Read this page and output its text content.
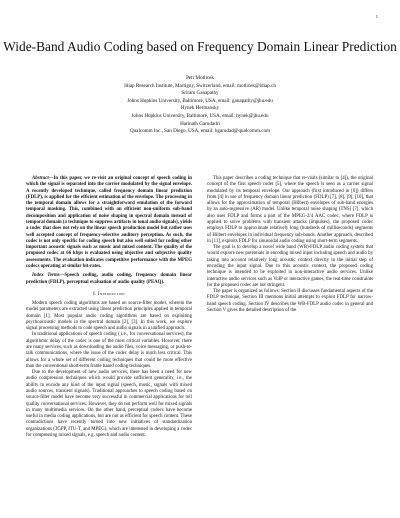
1
Wide-Band Audio Coding based on Frequency Domain Linear Prediction
Petr Motlicek
Idiap Research Institute, Martigny, Switzerland, email: motlicek@idiap.ch
Sriram Ganapathy
Johns Hopkins University, Baltimore, USA, email: ganapathy@jhu.edu
Hynek Hermansky
Johns Hopkins University, Baltimore, USA, email: hynek@jhu.edu
Harinath Garudadri
Qualcomm Inc., San Diego, USA, email: hgarudad@qualcomm.com

Abstract—In this paper, we re-visit an original concept of speech coding in which the signal is separated into the carrier modulated by the signal envelope. A recently developed technique, called frequency domain linear prediction (FDLP), is applied for the efficient estimation of the envelope. The processing in the temporal domain allows for a straightforward emulation of the forward temporal masking. This, combined with an efficient non-uniform sub-band decomposition and application of noise shaping in spectral domain instead of temporal domain (a technique to suppress artifacts in tonal audio signals), yields a codec that does not rely on the linear speech production model but rather uses well accepted concept of frequency-selective auditory perception. As such, the codec is not only specific for coding speech but also well suited for coding other important acoustic signals such as music and mixed content. The quality of the proposed codec at 66 kbps is evaluated using objective and subjective quality assessments. The evaluation indicates competitive performance with the MPEG codecs operating at similar bit-rates.

Index Terms—Speech coding, audio coding, frequency domain linear prediction (FDLP), perceptual evaluation of audio quality (PEAQ).

I. Introduction

Modern speech coding algorithms are based on source-filter model, wherein the model parameters are extracted using linear prediction principles applied in temporal domain [1]. Most popular audio coding algorithms are based on exploiting psychoacoustic models in the spectral domain [2], [3]. In this work, we explore signal processing methods to code speech and audio signals in a unified approach.

In traditional applications of speech coding ( i.e., for conversational services), the algorithmic delay of the codec is one of the most critical variables. However, there are many services, such as downloading the audio files, voice messaging, or push-to-talk communications, where the issue of the codec delay is much less critical. This allows for a whole set of different coding techniques that could be more effective than the conventional short-term frame based coding techniques.

Due to the development of new audio services, there has been a need for new audio compression techniques which would provide sufficient generality, i.e., the ability to encode any kind of the input signal (speech, music, signals with mixed audio sources, transient signals). Traditional approaches to speech coding based on source-filter model have become very successful in commercial applications for toll quality conversational services. However, they do not perform well for mixed signals in many multimedia services. On the other hand, perceptual codecs have become useful in media coding applications, but are not as efficient for speech content. These contradictions have recently turned into new initiatives of standardization organizations (3GPP, ITU-T, and MPEG), which are interested in developing a codec for compressing mixed signals, e.g. speech and audio content.

This paper describes a coding technique that re-visits (similar to [4]), the original concept of the first speech coder [5], where the speech is seen as a carrier signal modulated by its temporal envelope. Our approach (first introduced in [6]) differs from [4] in use of frequency domain linear prediction (FDLP) [7], [8], [9], [10], that allows for the approximation of temporal (Hilbert) envelopes of sub-band energies by an auto-regressive (AR) model. Unlike temporal noise shaping (TNS) [7], which also uses FDLP and forms a part of the MPEG-2/4 AAC codec, where FDLP is applied to solve problems with transient attacks (impulses), the proposed codec employs FDLP to approximate relatively long (hundreds of milliseconds) segments of Hilbert envelopes in individual frequency sub-bands. Another approach, described in [11], exploits FDLP for sinusoidal audio coding using short-term segments.

The goal is to develop a novel wide band (WB)-FDLP audio coding system that would explore new potentials in encoding mixed input including speech and audio by taking into account relatively long acoustic context directly in the initial step of encoding the input signal. Due to this acoustic context, the proposed coding technique is intended to be exploited in non-interactive audio services. Unlike interactive audio services such as VoIP or interactive games, the real-time constraints for the proposed codec are not stringent.

The paper is organized as follows: Section II discusses fundamental aspects of the FDLP technique, Section III mentions initial attempts to exploit FDLP for narrow-band speech coding. Section IV describes the WB-FDLP audio codec in general and Section V gives the detailed description of the
